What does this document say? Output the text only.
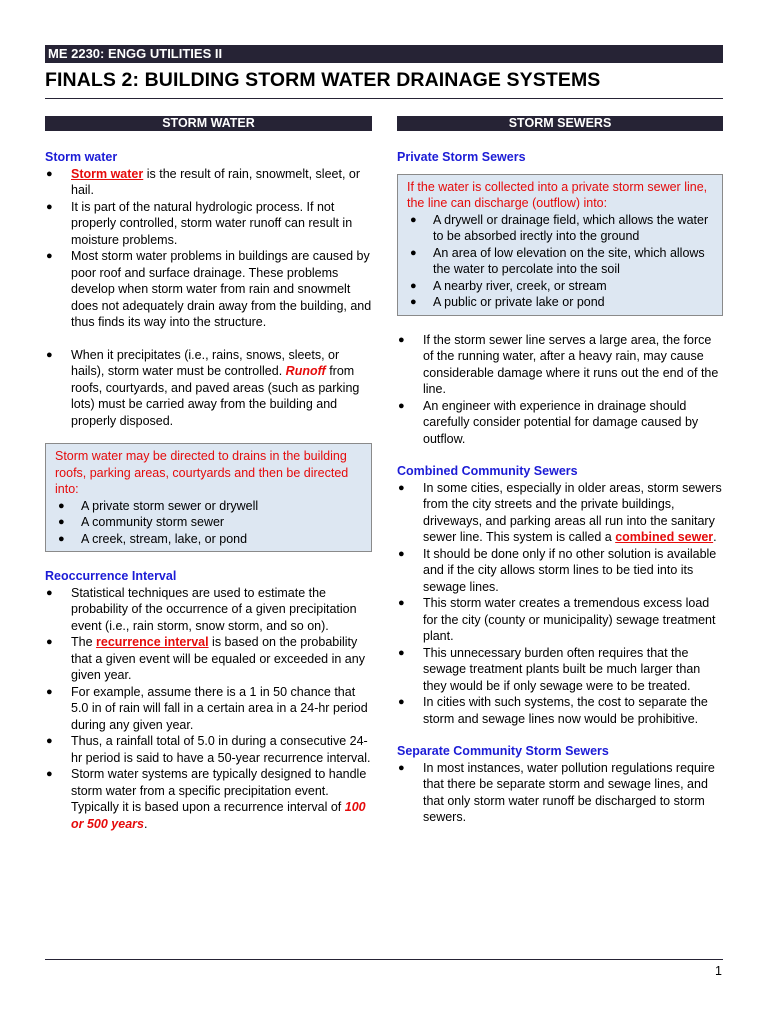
ME 2230: ENGG UTILITIES II
FINALS 2: BUILDING STORM WATER DRAINAGE SYSTEMS
STORM WATER
Storm water
● Storm water is the result of rain, snowmelt, sleet, or hail.
● It is part of the natural hydrologic process. If not properly controlled, storm water runoff can result in moisture problems.
● Most storm water problems in buildings are caused by poor roof and surface drainage. These problems develop when storm water from rain and snowmelt does not adequately drain away from the building, and thus finds its way into the structure.
● When it precipitates (i.e., rains, snows, sleets, or hails), storm water must be controlled. Runoff from roofs, courtyards, and paved areas (such as parking lots) must be carried away from the building and properly disposed.
Storm water may be directed to drains in the building roofs, parking areas, courtyards and then be directed into:
● A private storm sewer or drywell
● A community storm sewer
● A creek, stream, lake, or pond
Reoccurrence Interval
● Statistical techniques are used to estimate the probability of the occurrence of a given precipitation event (i.e., rain storm, snow storm, and so on).
● The recurrence interval is based on the probability that a given event will be equaled or exceeded in any given year.
● For example, assume there is a 1 in 50 chance that 5.0 in of rain will fall in a certain area in a 24-hr period during any given year.
● Thus, a rainfall total of 5.0 in during a consecutive 24-hr period is said to have a 50-year recurrence interval.
● Storm water systems are typically designed to handle storm water from a specific precipitation event. Typically it is based upon a recurrence interval of 100 or 500 years.
STORM SEWERS
Private Storm Sewers
If the water is collected into a private storm sewer line, the line can discharge (outflow) into:
● A drywell or drainage field, which allows the water to be absorbed irectly into the ground
● An area of low elevation on the site, which allows the water to percolate into the soil
● A nearby river, creek, or stream
● A public or private lake or pond
● If the storm sewer line serves a large area, the force of the running water, after a heavy rain, may cause considerable damage where it runs out the end of the line.
● An engineer with experience in drainage should carefully consider potential for damage caused by outflow.
Combined Community Sewers
● In some cities, especially in older areas, storm sewers from the city streets and the private buildings, driveways, and parking areas all run into the sanitary sewer line. This system is called a combined sewer.
● It should be done only if no other solution is available and if the city allows storm lines to be tied into its sewage lines.
● This storm water creates a tremendous excess load for the city (county or municipality) sewage treatment plant.
● This unnecessary burden often requires that the sewage treatment plants built be much larger than they would be if only sewage were to be treated.
● In cities with such systems, the cost to separate the storm and sewage lines now would be prohibitive.
Separate Community Storm Sewers
● In most instances, water pollution regulations require that there be separate storm and sewage lines, and that only storm water runoff be discharged to storm sewers.
1
